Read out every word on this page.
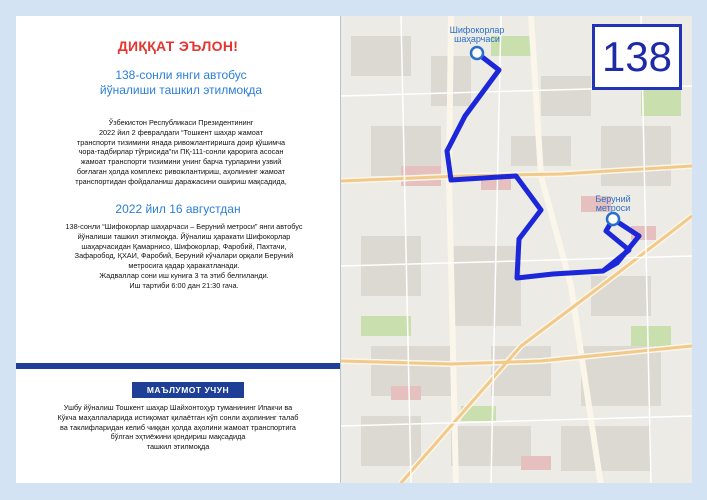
ДИҚҚАТ ЭЪЛОН!
138-сонли янги автобус
йўналиши ташкил этилмоқда
Ўзбекистон Республикаси Президентининг
2022 йил 2 февралдаги “Тошкент шаҳар жамоат
транспорти тизимини янада ривожлантиришга доир қўшимча
чора-тадбирлар тўғрисида”ги ПҚ-111-сонли қарорига асосан
жамоат транспорти тизимини унинг барча турларини узвий
боғлаган ҳолда комплекс ривожлантириш, аҳолининг жамоат
транспортидан фойдаланиш даражасини ошириш мақсадида,
2022 йил 16 августдан
138-сонли “Шифокорлар шаҳарчаси – Беруний метроси” янги автобус
йўналиши ташкил этилмоқда. Йўналиш ҳаракати Шифокорлар
шаҳарчасидан Қамарниcо, Шифокорлар, Фаробий, Пахтачи,
Зафаробод, ҚХАИ, Фаробий, Беруний кўчалари орқали Беруний
метросига қадар ҳаракатланади.
Жадваллар сони иш кунига 3 та этиб белгиланди.
Иш тартиби 6:00 дан 21:30 гача.
МАЪЛУМОТ УЧУН
Ушбу йўналиш Тошкент шаҳар Шайхонтоҳур туманининг Ипакчи ва
Кўкча маҳаллаларида истиқомат қилаётган кўп сонли аҳолининг талаб
ва таклифларидан келиб чиққан ҳолда аҳолини жамоат транспортига
бўлган эҳтиёжини қондириш мақсадида
ташкил этилмоқда
Шифокорлар
шаҳарчаси
Беруний
метроси
138
